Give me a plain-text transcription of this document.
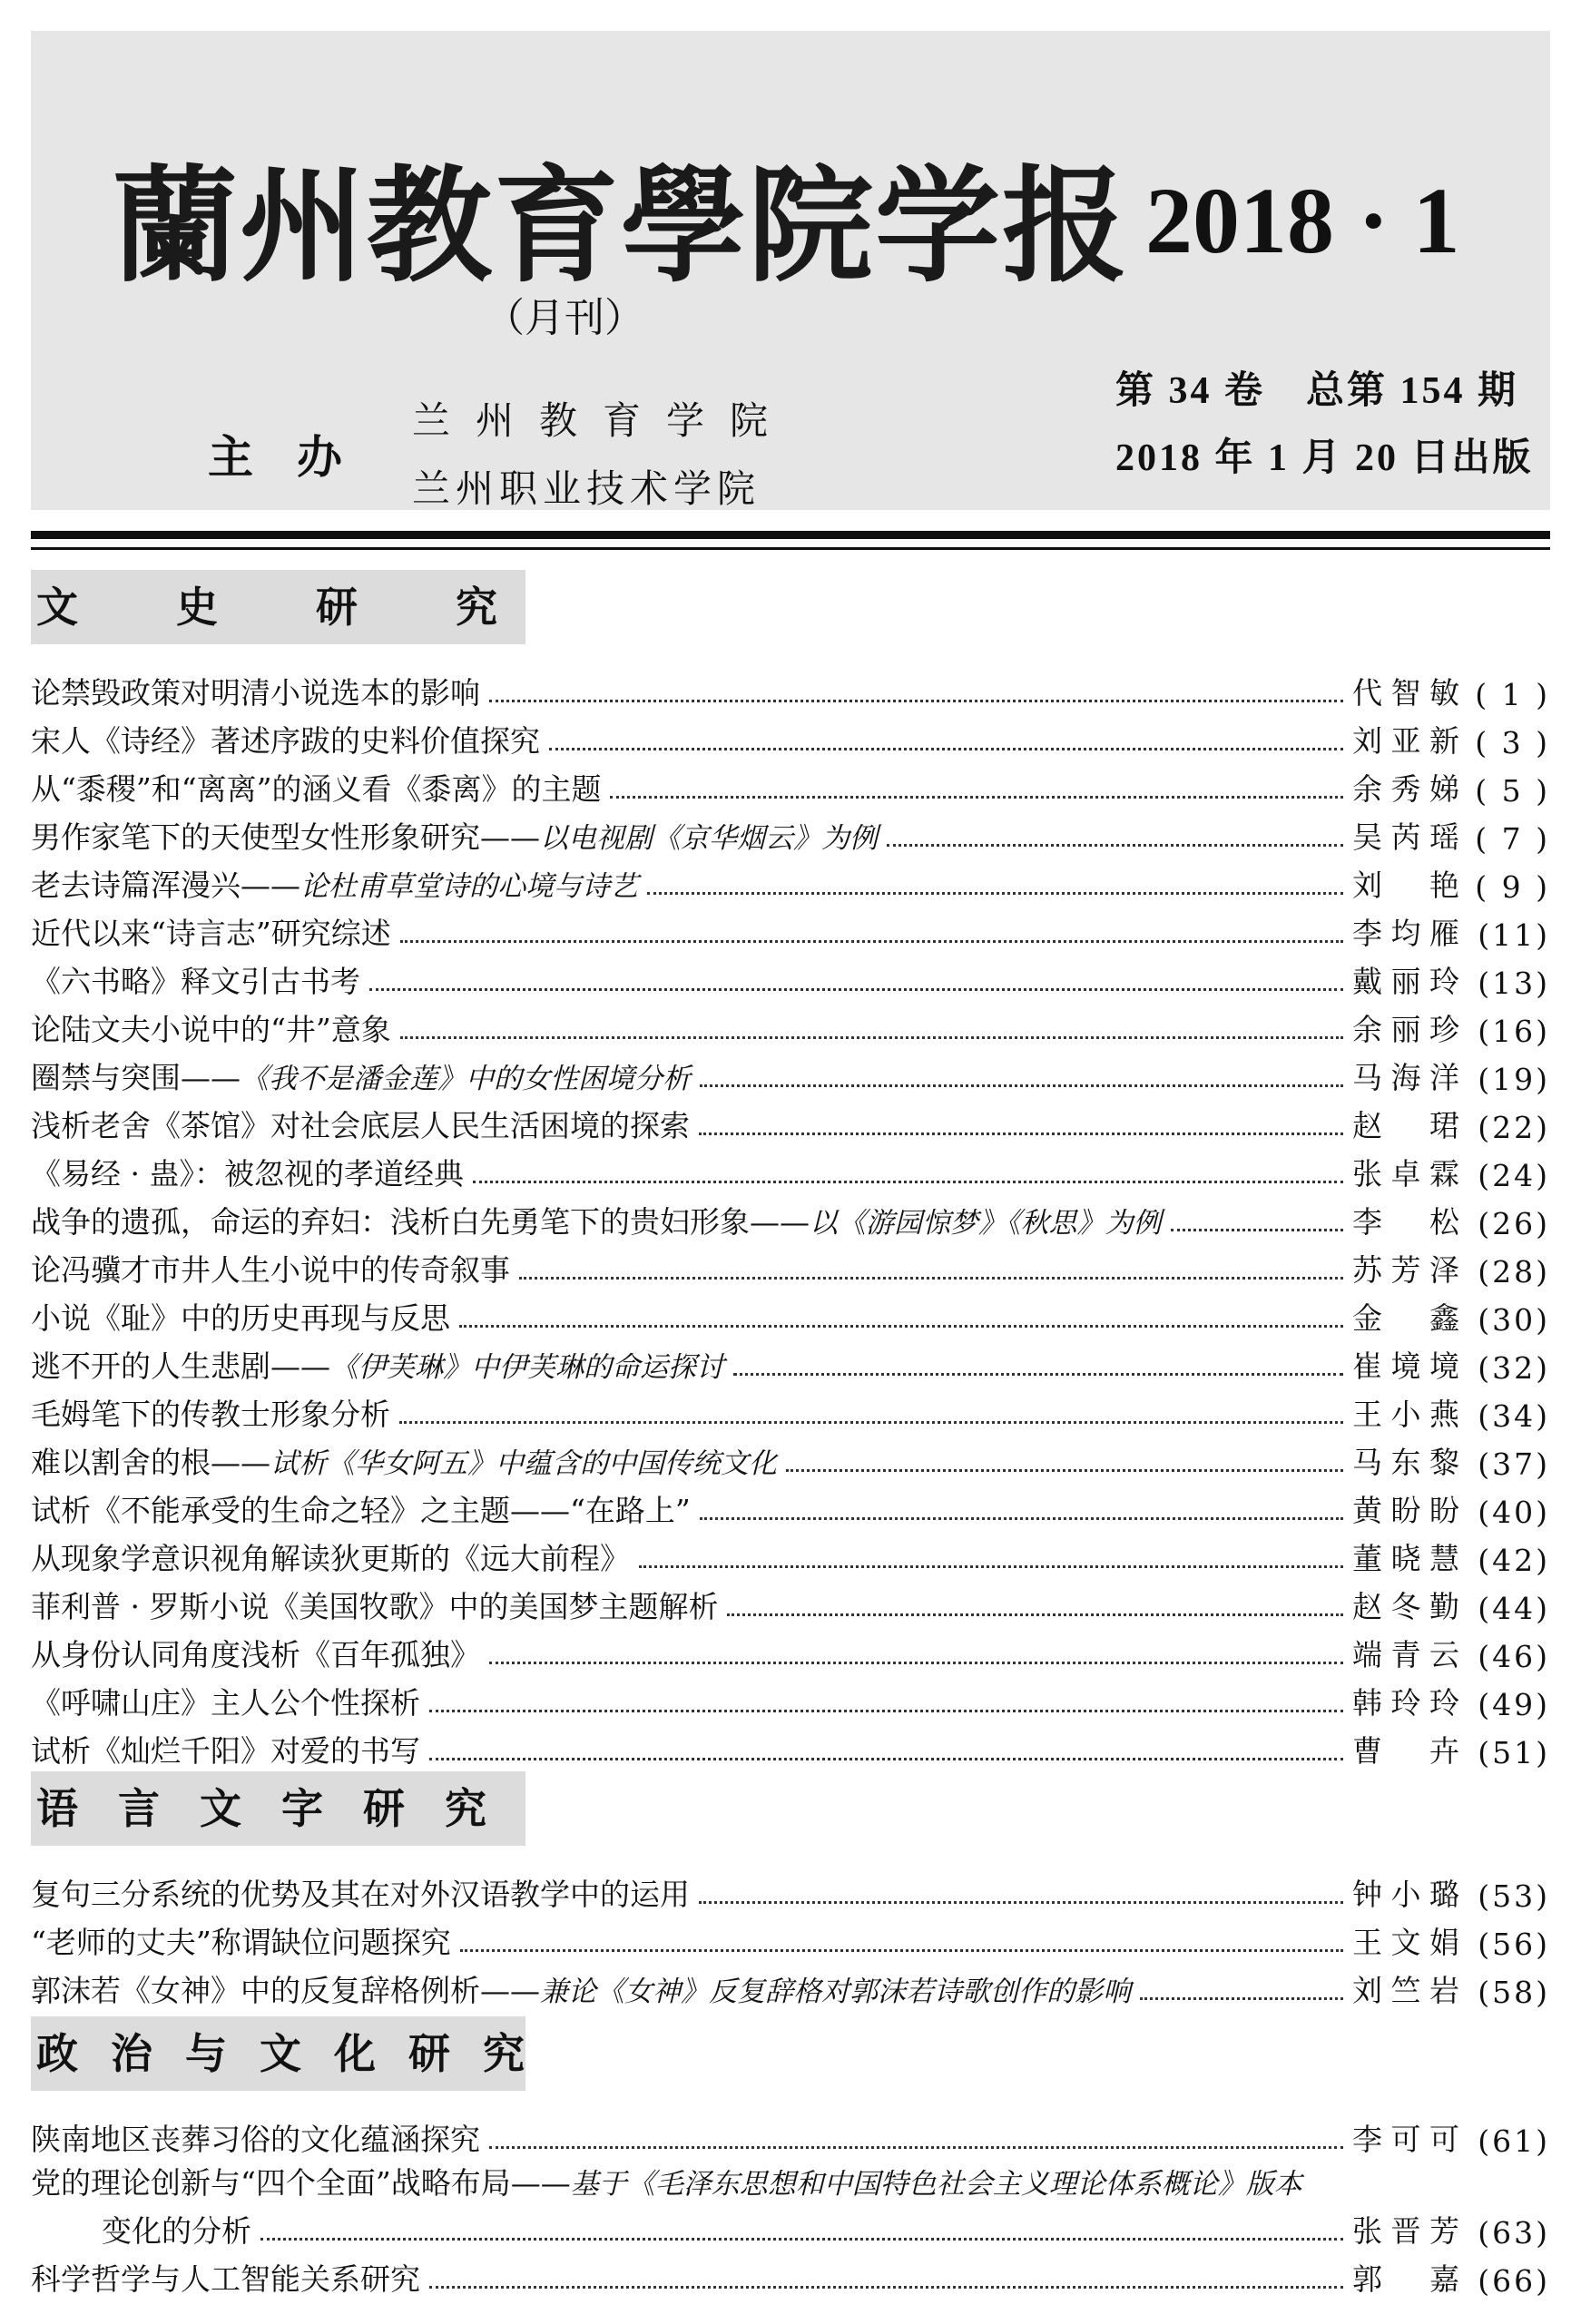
蘭州教育學院学报 2018 · 1
（月刊）
主办
兰州教育学院
兰州职业技术学院
第 34 卷　总第 154 期
2018 年 1 月 20 日出版
文史研究
论禁毁政策对明清小说选本的影响	代智敏 ( 1 )
宋人《诗经》著述序跋的史料价值探究	刘亚新 ( 3 )
从“黍稷”和“离离”的涵义看《黍离》的主题	余秀娣 ( 5 )
男作家笔下的天使型女性形象研究——以电视剧《京华烟云》为例	吴芮瑶 ( 7 )
老去诗篇浑漫兴——论杜甫草堂诗的心境与诗艺	刘艳 ( 9 )
近代以来“诗言志”研究综述	李均雁 (11)
《六书略》释文引古书考	戴丽玲 (13)
论陆文夫小说中的“井”意象	余丽珍 (16)
圈禁与突围——《我不是潘金莲》中的女性困境分析	马海洋 (19)
浅析老舍《茶馆》对社会底层人民生活困境的探索	赵珺 (22)
《易经 · 蛊》：被忽视的孝道经典	张卓霖 (24)
战争的遗孤，命运的弃妇：浅析白先勇笔下的贵妇形象——以《游园惊梦》《秋思》为例	李松 (26)
论冯骥才市井人生小说中的传奇叙事	苏芳泽 (28)
小说《耻》中的历史再现与反思	金鑫 (30)
逃不开的人生悲剧——《伊芙琳》中伊芙琳的命运探讨	崔境境 (32)
毛姆笔下的传教士形象分析	王小燕 (34)
难以割舍的根——试析《华女阿五》中蕴含的中国传统文化	马东黎 (37)
试析《不能承受的生命之轻》之主题——“在路上”	黄盼盼 (40)
从现象学意识视角解读狄更斯的《远大前程》	董晓慧 (42)
菲利普 · 罗斯小说《美国牧歌》中的美国梦主题解析	赵冬勤 (44)
从身份认同角度浅析《百年孤独》	端青云 (46)
《呼啸山庄》主人公个性探析	韩玲玲 (49)
试析《灿烂千阳》对爱的书写	曹卉 (51)
语言文字研究
复句三分系统的优势及其在对外汉语教学中的运用	钟小璐 (53)
“老师的丈夫”称谓缺位问题探究	王文娟 (56)
郭沫若《女神》中的反复辞格例析——兼论《女神》反复辞格对郭沫若诗歌创作的影响	刘竺岩 (58)
政治与文化研究
陕南地区丧葬习俗的文化蕴涵探究	李可可 (61)
党的理论创新与“四个全面”战略布局——基于《毛泽东思想和中国特色社会主义理论体系概论》版本
变化的分析	张晋芳 (63)
科学哲学与人工智能关系研究	郭嘉 (66)
